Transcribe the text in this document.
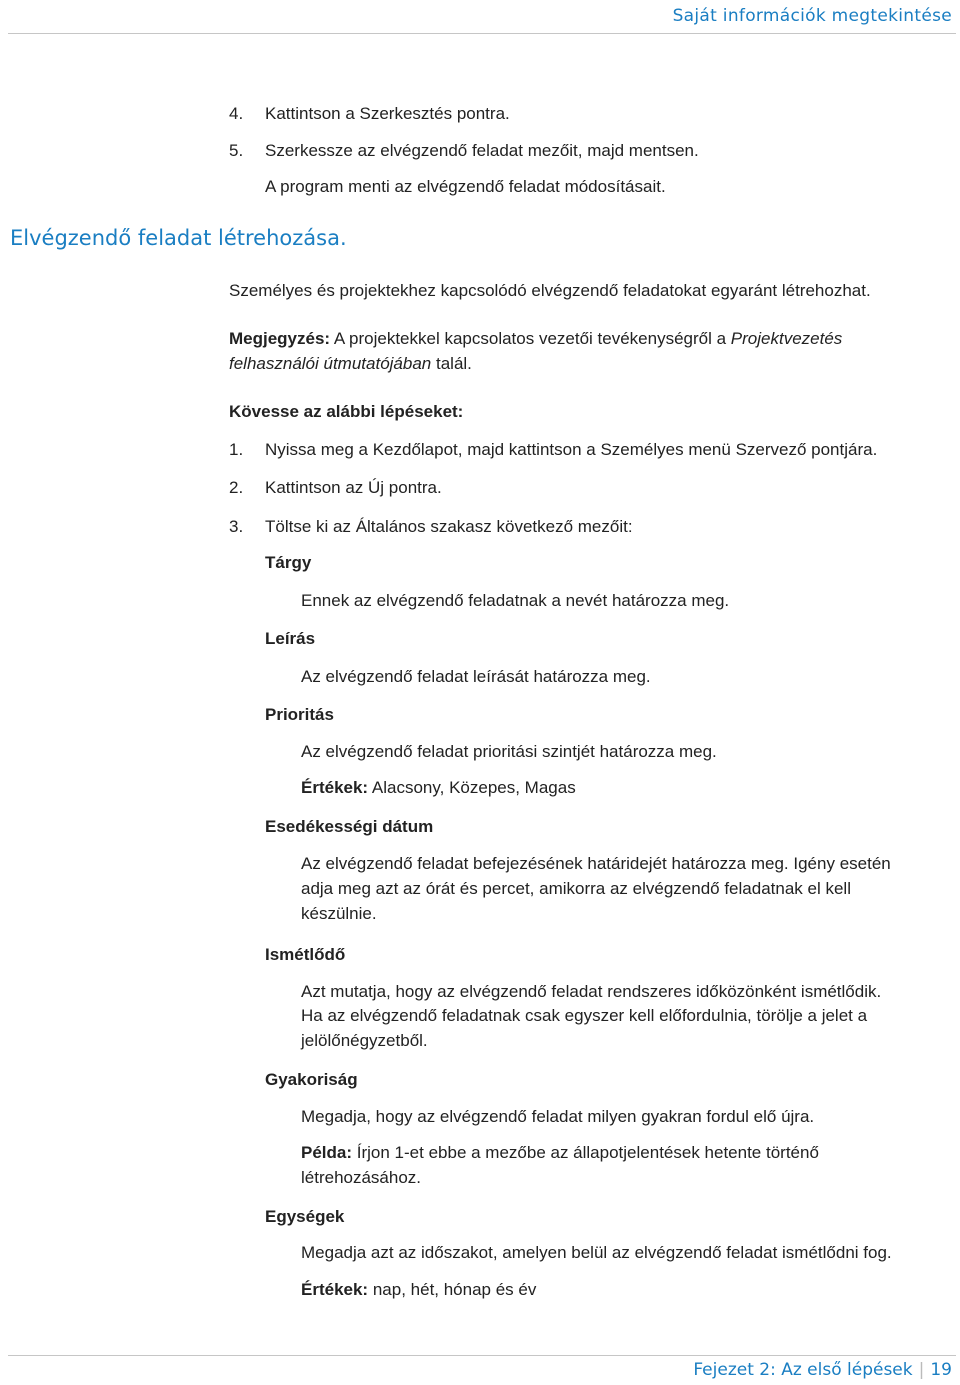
Saját információk megtekintése
4. Kattintson a Szerkesztés pontra.
5. Szerkessze az elvégzendő feladat mezőit, majd mentsen.
A program menti az elvégzendő feladat módosításait.
Elvégzendő feladat létrehozása.
Személyes és projektekhez kapcsolódó elvégzendő feladatokat egyaránt létrehozhat.
Megjegyzés: A projektekkel kapcsolatos vezetői tevékenységről a Projektvezetés
felhasználói útmutatójában talál.
Kövesse az alábbi lépéseket:
1. Nyissa meg a Kezdőlapot, majd kattintson a Személyes menü Szervező pontjára.
2. Kattintson az Új pontra.
3. Töltse ki az Általános szakasz következő mezőit:
Tárgy
Ennek az elvégzendő feladatnak a nevét határozza meg.
Leírás
Az elvégzendő feladat leírását határozza meg.
Prioritás
Az elvégzendő feladat prioritási szintjét határozza meg.
Értékek: Alacsony, Közepes, Magas
Esedékességi dátum
Az elvégzendő feladat befejezésének határidejét határozza meg. Igény esetén
adja meg azt az órát és percet, amikorra az elvégzendő feladatnak el kell
készülnie.
Ismétlődő
Azt mutatja, hogy az elvégzendő feladat rendszeres időközönként ismétlődik.
Ha az elvégzendő feladatnak csak egyszer kell előfordulnia, törölje a jelet a
jelölőnégyzetből.
Gyakoriság
Megadja, hogy az elvégzendő feladat milyen gyakran fordul elő újra.
Példa: Írjon 1-et ebbe a mezőbe az állapotjelentések hetente történő
létrehozásához.
Egységek
Megadja azt az időszakot, amelyen belül az elvégzendő feladat ismétlődni fog.
Értékek: nap, hét, hónap és év
Fejezet 2: Az első lépések | 19
